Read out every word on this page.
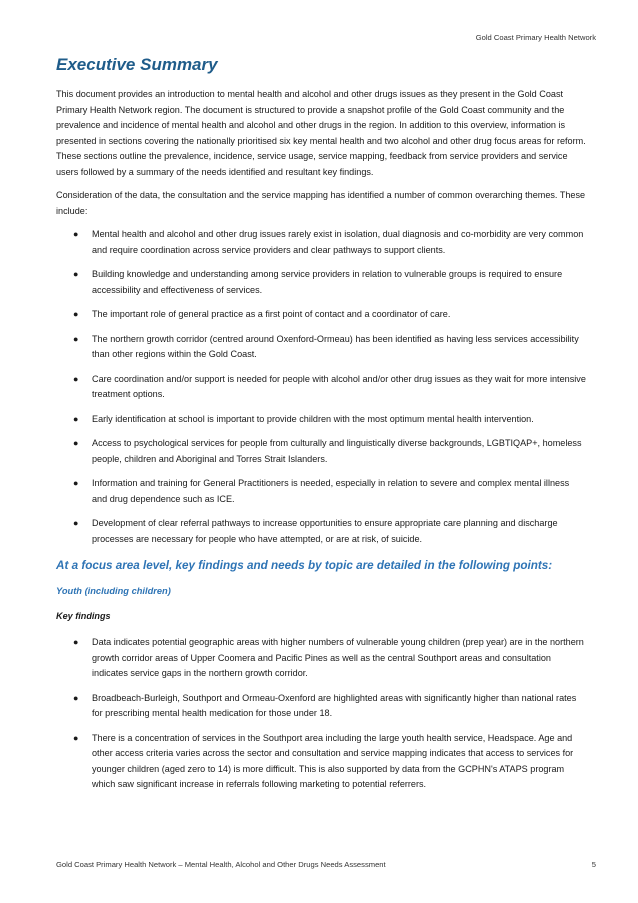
Gold Coast Primary Health Network
Executive Summary

This document provides an introduction to mental health and alcohol and other drugs issues as they present in the Gold Coast Primary Health Network region. The document is structured to provide a snapshot profile of the Gold Coast community and the prevalence and incidence of mental health and alcohol and other drugs in the region. In addition to this overview, information is presented in sections covering the nationally prioritised six key mental health and two alcohol and other drug focus areas for reform. These sections outline the prevalence, incidence, service usage, service mapping, feedback from service providers and service users followed by a summary of the needs identified and resultant key findings.

Consideration of the data, the consultation and the service mapping has identified a number of common overarching themes. These include:

● Mental health and alcohol and other drug issues rarely exist in isolation, dual diagnosis and co-morbidity are very common and require coordination across service providers and clear pathways to support clients.
● Building knowledge and understanding among service providers in relation to vulnerable groups is required to ensure accessibility and effectiveness of services.
● The important role of general practice as a first point of contact and a coordinator of care.
● The northern growth corridor (centred around Oxenford-Ormeau) has been identified as having less services accessibility than other regions within the Gold Coast.
● Care coordination and/or support is needed for people with alcohol and/or other drug issues as they wait for more intensive treatment options.
● Early identification at school is important to provide children with the most optimum mental health intervention.
● Access to psychological services for people from culturally and linguistically diverse backgrounds, LGBTIQAP+, homeless people, children and Aboriginal and Torres Strait Islanders.
● Information and training for General Practitioners is needed, especially in relation to severe and complex mental illness and drug dependence such as ICE.
● Development of clear referral pathways to increase opportunities to ensure appropriate care planning and discharge processes are necessary for people who have attempted, or are at risk, of suicide.
At a focus area level, key findings and needs by topic are detailed in the following points:
Youth (including children)
Key findings
● Data indicates potential geographic areas with higher numbers of vulnerable young children (prep year) are in the northern growth corridor areas of Upper Coomera and Pacific Pines as well as the central Southport areas and consultation indicates service gaps in the northern growth corridor.
● Broadbeach-Burleigh, Southport and Ormeau-Oxenford are highlighted areas with significantly higher than national rates for prescribing mental health medication for those under 18.
● There is a concentration of services in the Southport area including the large youth health service, Headspace. Age and other access criteria varies across the sector and consultation and service mapping indicates that access to services for younger children (aged zero to 14) is more difficult. This is also supported by data from the GCPHN's ATAPS program which saw significant increase in referrals following marketing to potential referrers.
Gold Coast Primary Health Network – Mental Health, Alcohol and Other Drugs Needs Assessment	5
